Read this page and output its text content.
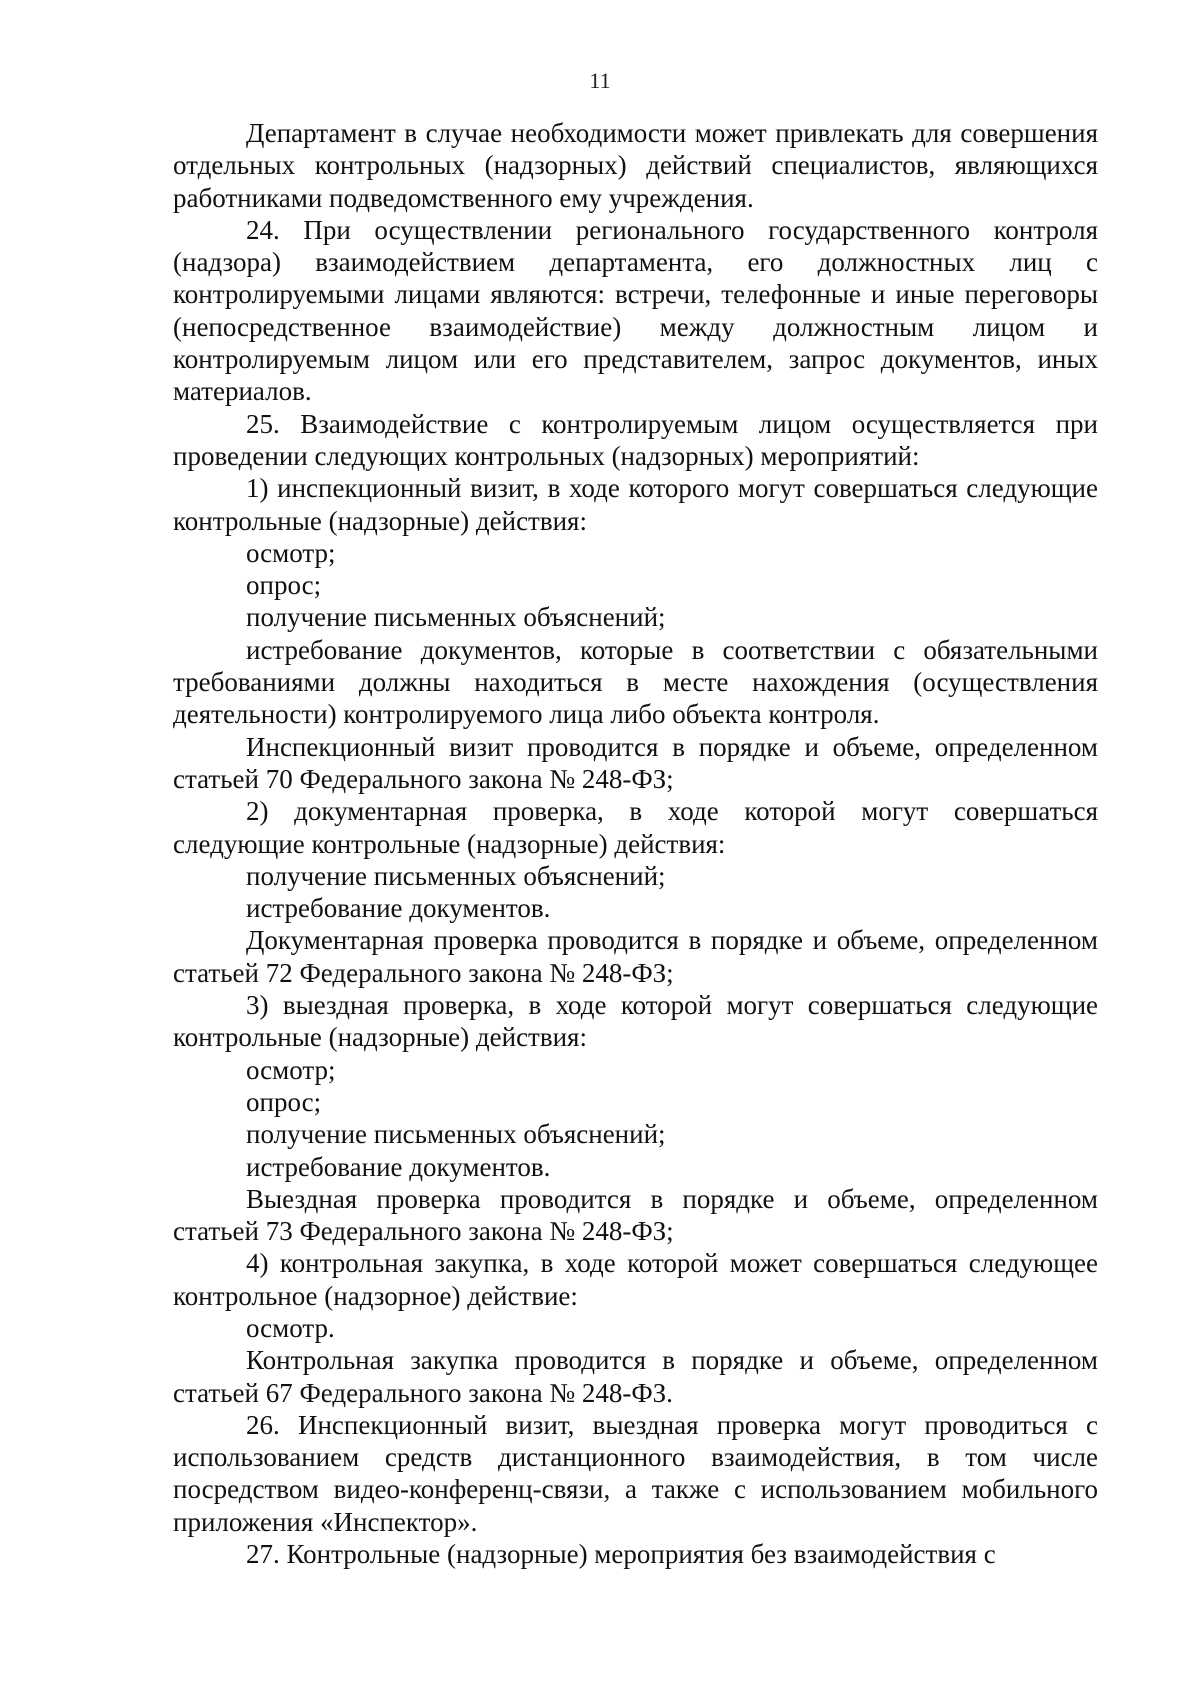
11

Департамент в случае необходимости может привлекать для совершения отдельных контрольных (надзорных) действий специалистов, являющихся работниками подведомственного ему учреждения.

24. При осуществлении регионального государственного контроля (надзора) взаимодействием департамента, его должностных лиц с контролируемыми лицами являются: встречи, телефонные и иные переговоры (непосредственное взаимодействие) между должностным лицом и контролируемым лицом или его представителем, запрос документов, иных материалов.

25. Взаимодействие с контролируемым лицом осуществляется при проведении следующих контрольных (надзорных) мероприятий:

1) инспекционный визит, в ходе которого могут совершаться следующие контрольные (надзорные) действия:

осмотр;

опрос;

получение письменных объяснений;

истребование документов, которые в соответствии с обязательными требованиями должны находиться в месте нахождения (осуществления деятельности) контролируемого лица либо объекта контроля.

Инспекционный визит проводится в порядке и объеме, определенном статьей 70 Федерального закона № 248-ФЗ;

2) документарная проверка, в ходе которой могут совершаться следующие контрольные (надзорные) действия:

получение письменных объяснений;

истребование документов.

Документарная проверка проводится в порядке и объеме, определенном статьей 72 Федерального закона № 248-ФЗ;

3) выездная проверка, в ходе которой могут совершаться следующие контрольные (надзорные) действия:

осмотр;

опрос;

получение письменных объяснений;

истребование документов.

Выездная проверка проводится в порядке и объеме, определенном статьей 73 Федерального закона № 248-ФЗ;

4) контрольная закупка, в ходе которой может совершаться следующее контрольное (надзорное) действие:

осмотр.

Контрольная закупка проводится в порядке и объеме, определенном статьей 67 Федерального закона № 248-ФЗ.

26. Инспекционный визит, выездная проверка могут проводиться с использованием средств дистанционного взаимодействия, в том числе посредством видео-конференц-связи, а также с использованием мобильного приложения «Инспектор».

27. Контрольные (надзорные) мероприятия без взаимодействия с
